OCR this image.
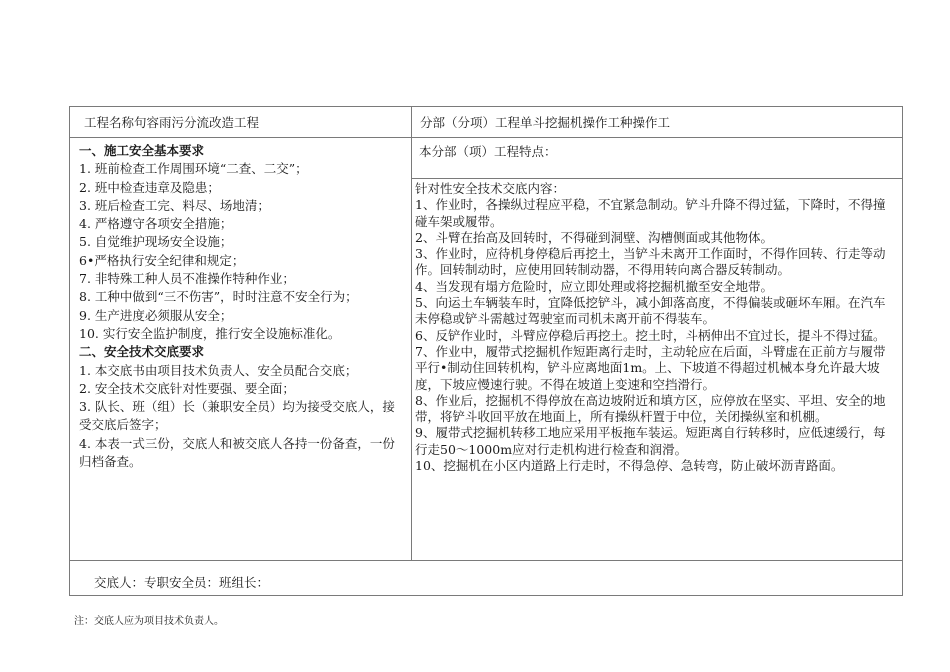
工程名称句容雨污分流改造工程	分部（分项）工程单斗挖掘机操作工种操作工
一、施工安全基本要求
1. 班前检查工作周围环境“二查、二交”；
2. 班中检查违章及隐患；
3. 班后检查工完、料尽、场地清；
4. 严格遵守各项安全措施；
5. 自觉维护现场安全设施；
6•严格执行安全纪律和规定；
7. 非特殊工种人员不准操作特种作业；
8. 工种中做到“三不伤害”，时时注意不安全行为；
9. 生产进度必须服从安全；
10. 实行安全监护制度，推行安全设施标准化。
二、安全技术交底要求
1. 本交底书由项目技术负责人、安全员配合交底；
2. 安全技术交底针对性要强、要全面；
3. 队长、班（组）长（兼职安全员）均为接受交底人，接受交底后签字；
4. 本表一式三份，交底人和被交底人各持一份备查，一份归档备查。
本分部（项）工程特点：
针对性安全技术交底内容：
1、作业时，各操纵过程应平稳，不宜紧急制动。铲斗升降不得过猛，下降时，不得撞碰车架或履带。
2、斗臂在抬高及回转时，不得碰到洞壁、沟槽侧面或其他物体。
3、作业时，应待机身停稳后再挖土，当铲斗未离开工作面时，不得作回转、行走等动作。回转制动时，应使用回转制动器，不得用转向离合器反转制动。
4、当发现有塌方危险时，应立即处理或将挖掘机撤至安全地带。
5、向运土车辆装车时，宜降低挖铲斗，减小卸落高度，不得偏装或砸坏车厢。在汽车未停稳或铲斗需越过驾驶室而司机未离开前不得装车。
6、反铲作业时，斗臂应停稳后再挖土。挖土时，斗柄伸出不宜过长，提斗不得过猛。
7、作业中，履带式挖掘机作短距离行走时，主动轮应在后面，斗臂虚在正前方与履带平行•制动住回转机构，铲斗应离地面1m。上、下坡道不得超过机械本身允许最大坡度，下坡应慢速行驶。不得在坡道上变速和空挡滑行。
8、作业后，挖掘机不得停放在高边坡附近和填方区，应停放在坚实、平坦、安全的地带，将铲斗收回平放在地面上，所有操纵杆置于中位，关闭操纵室和机棚。
9、履带式挖掘机转移工地应采用平板拖车装运。短距离自行转移时，应低速缓行，每行走50～1000m应对行走机构进行检查和润滑。
10、挖掘机在小区内道路上行走时，不得急停、急转弯，防止破坏沥青路面。
交底人：专职安全员：班组长：
注：交底人应为项目技术负责人。
